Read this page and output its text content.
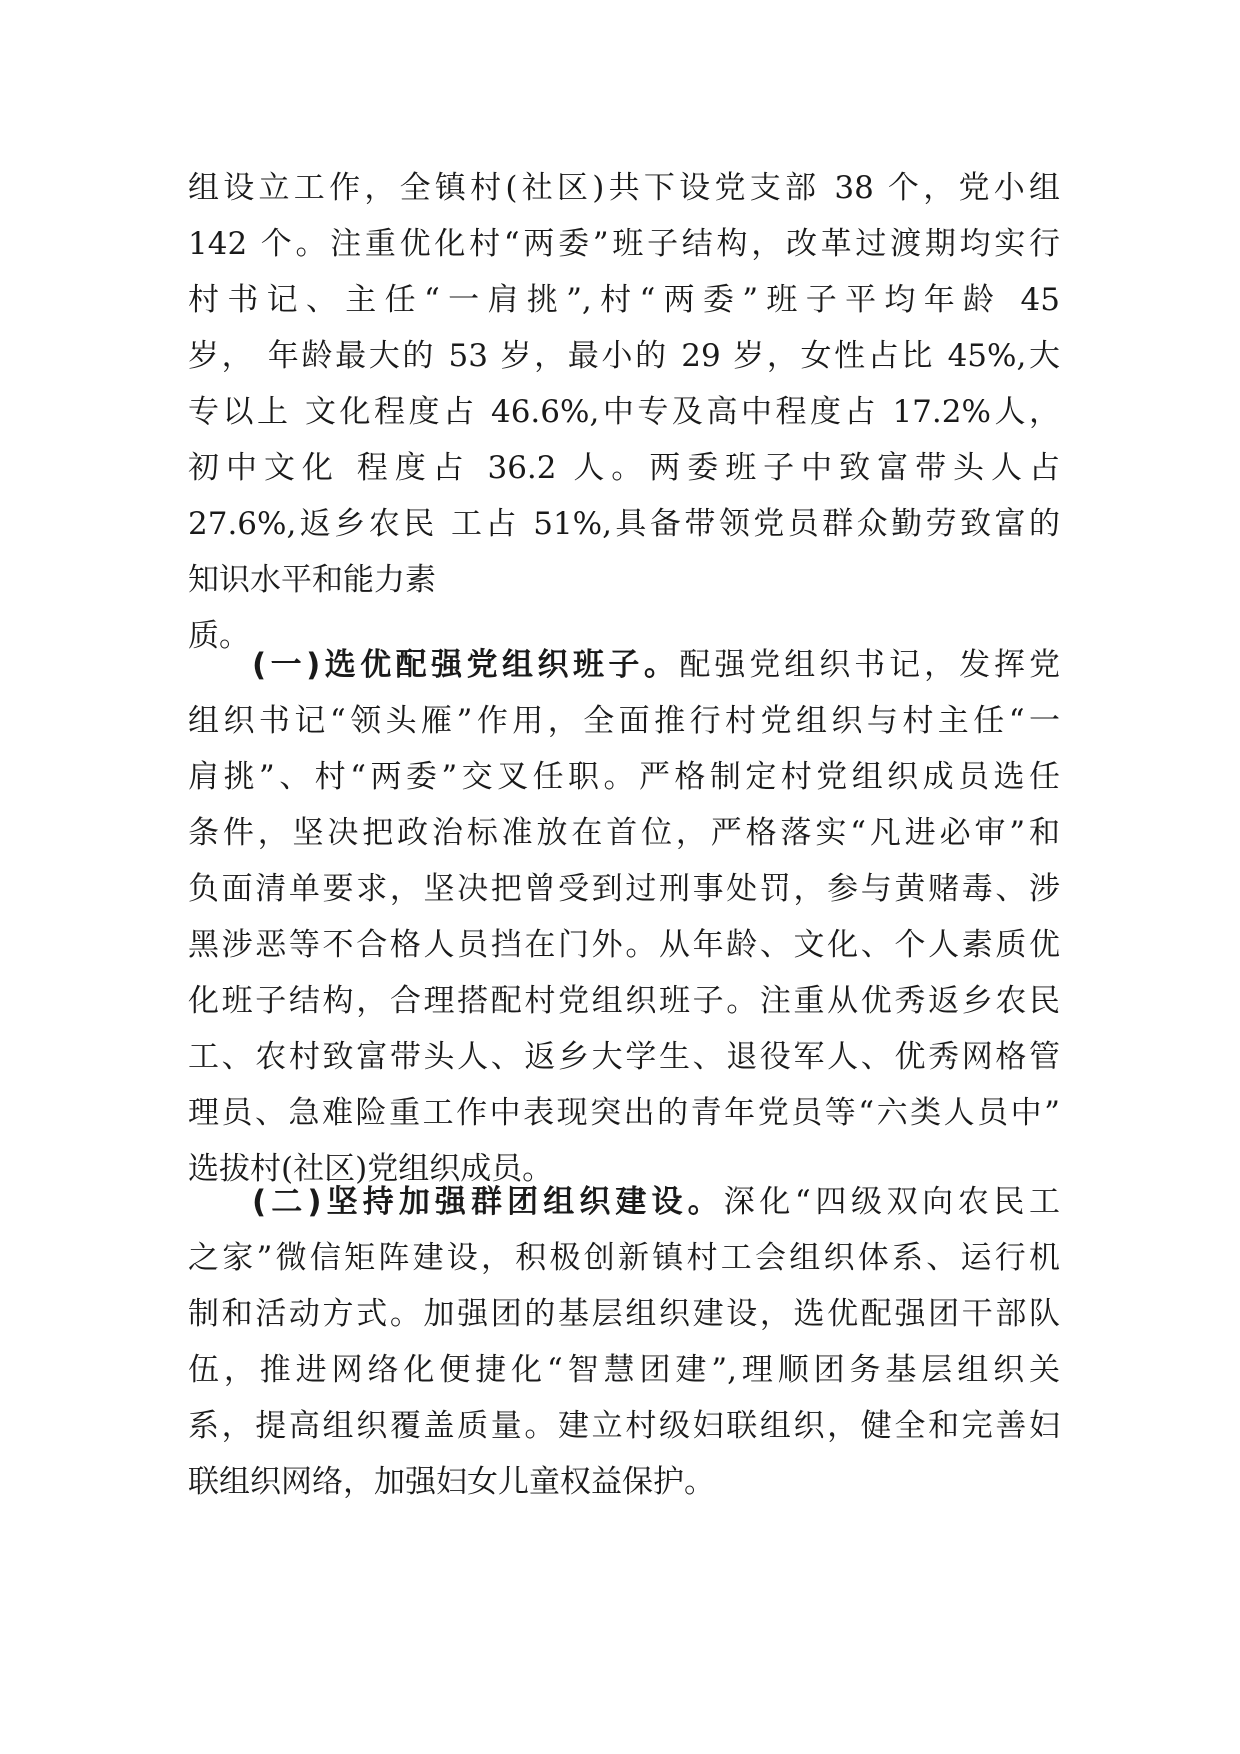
组设立工作，全镇村(社区)共下设党支部 38 个，党小组
142 个。注重优化村“两委”班子结构，改革过渡期均实行
村书记、主任“一肩挑”,村“两委”班子平均年龄 45
岁， 年龄最大的 53 岁，最小的 29 岁，女性占比 45%,大
专以上 文化程度占 46.6%,中专及高中程度占 17.2%人，
初中文化 程度占 36.2 人。两委班子中致富带头人占
27.6%,返乡农民 工占 51%,具备带领党员群众勤劳致富的
知识水平和能力素
质。
(一)选优配强党组织班子。配强党组织书记，发挥党
组织书记“领头雁”作用，全面推行村党组织与村主任“一
肩挑”、村“两委”交叉任职。严格制定村党组织成员选任
条件，坚决把政治标准放在首位，严格落实“凡进必审”和
负面清单要求，坚决把曾受到过刑事处罚，参与黄赌毒、涉
黑涉恶等不合格人员挡在门外。从年龄、文化、个人素质优
化班子结构，合理搭配村党组织班子。注重从优秀返乡农民
工、农村致富带头人、返乡大学生、退役军人、优秀网格管
理员、急难险重工作中表现突出的青年党员等“六类人员中”
选拔村(社区)党组织成员。
(二)坚持加强群团组织建设。深化“四级双向农民工
之家”微信矩阵建设，积极创新镇村工会组织体系、运行机
制和活动方式。加强团的基层组织建设，选优配强团干部队
伍，推进网络化便捷化“智慧团建”,理顺团务基层组织关
系，提高组织覆盖质量。建立村级妇联组织，健全和完善妇
联组织网络，加强妇女儿童权益保护。
